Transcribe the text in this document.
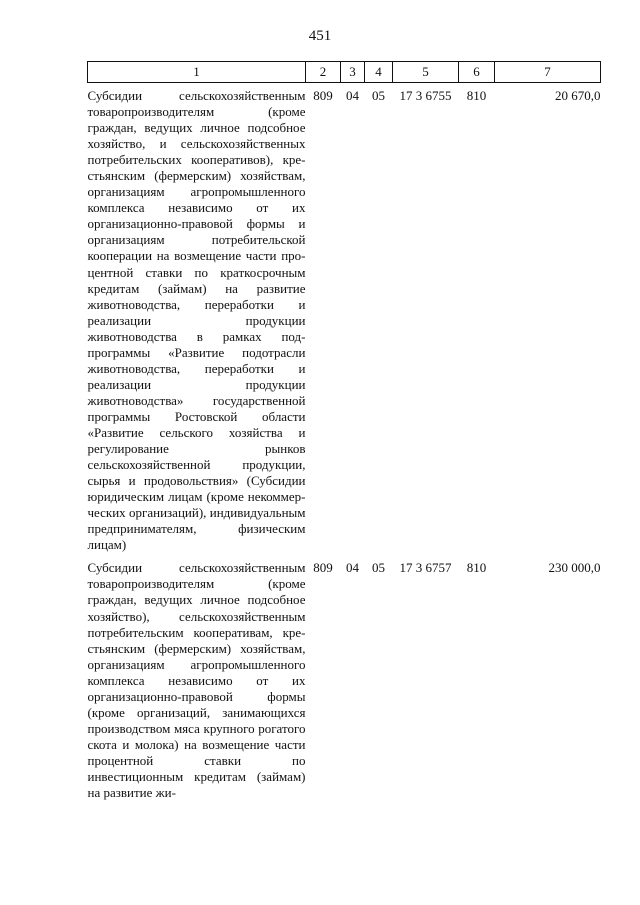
451
1	2	3	4	5	6	7
Субсидии сельскохозяйственным товаропроизводителям (кроме граждан, ведущих личное подсобное хозяйство, и сельскохозяйственных потребительских кооперативов), крестьянским (фермерским) хозяйствам, организациям агропромышленного комплекса независимо от их организационно-правовой формы и организациям потребительской кооперации на возмещение части процентной ставки по краткосрочным кредитам (займам) на развитие животноводства, переработки и реализации продукции животноводства в рамках подпрограммы «Развитие подотрасли животноводства, переработки и реализации продукции животноводства» государственной программы Ростовской области «Развитие сельского хозяйства и регулирование рынков сельскохозяйственной продукции, сырья и продовольствия» (Субсидии юридическим лицам (кроме некоммерческих организаций), индивидуальным предпринимателям, физическим лицам)	809	04	05	17 3 6755	810	20 670,0
Субсидии сельскохозяйственным товаропроизводителям (кроме граждан, ведущих личное подсобное хозяйство), сельскохозяйственным потребительским кооперативам, крестьянским (фермерским) хозяйствам, организациям агропромышленного комплекса независимо от их организационно-правовой формы (кроме организаций, занимающихся производством мяса крупного рогатого скота и молока) на возмещение части процентной ставки по инвестиционным кредитам (займам) на развитие жи-	809	04	05	17 3 6757	810	230 000,0
